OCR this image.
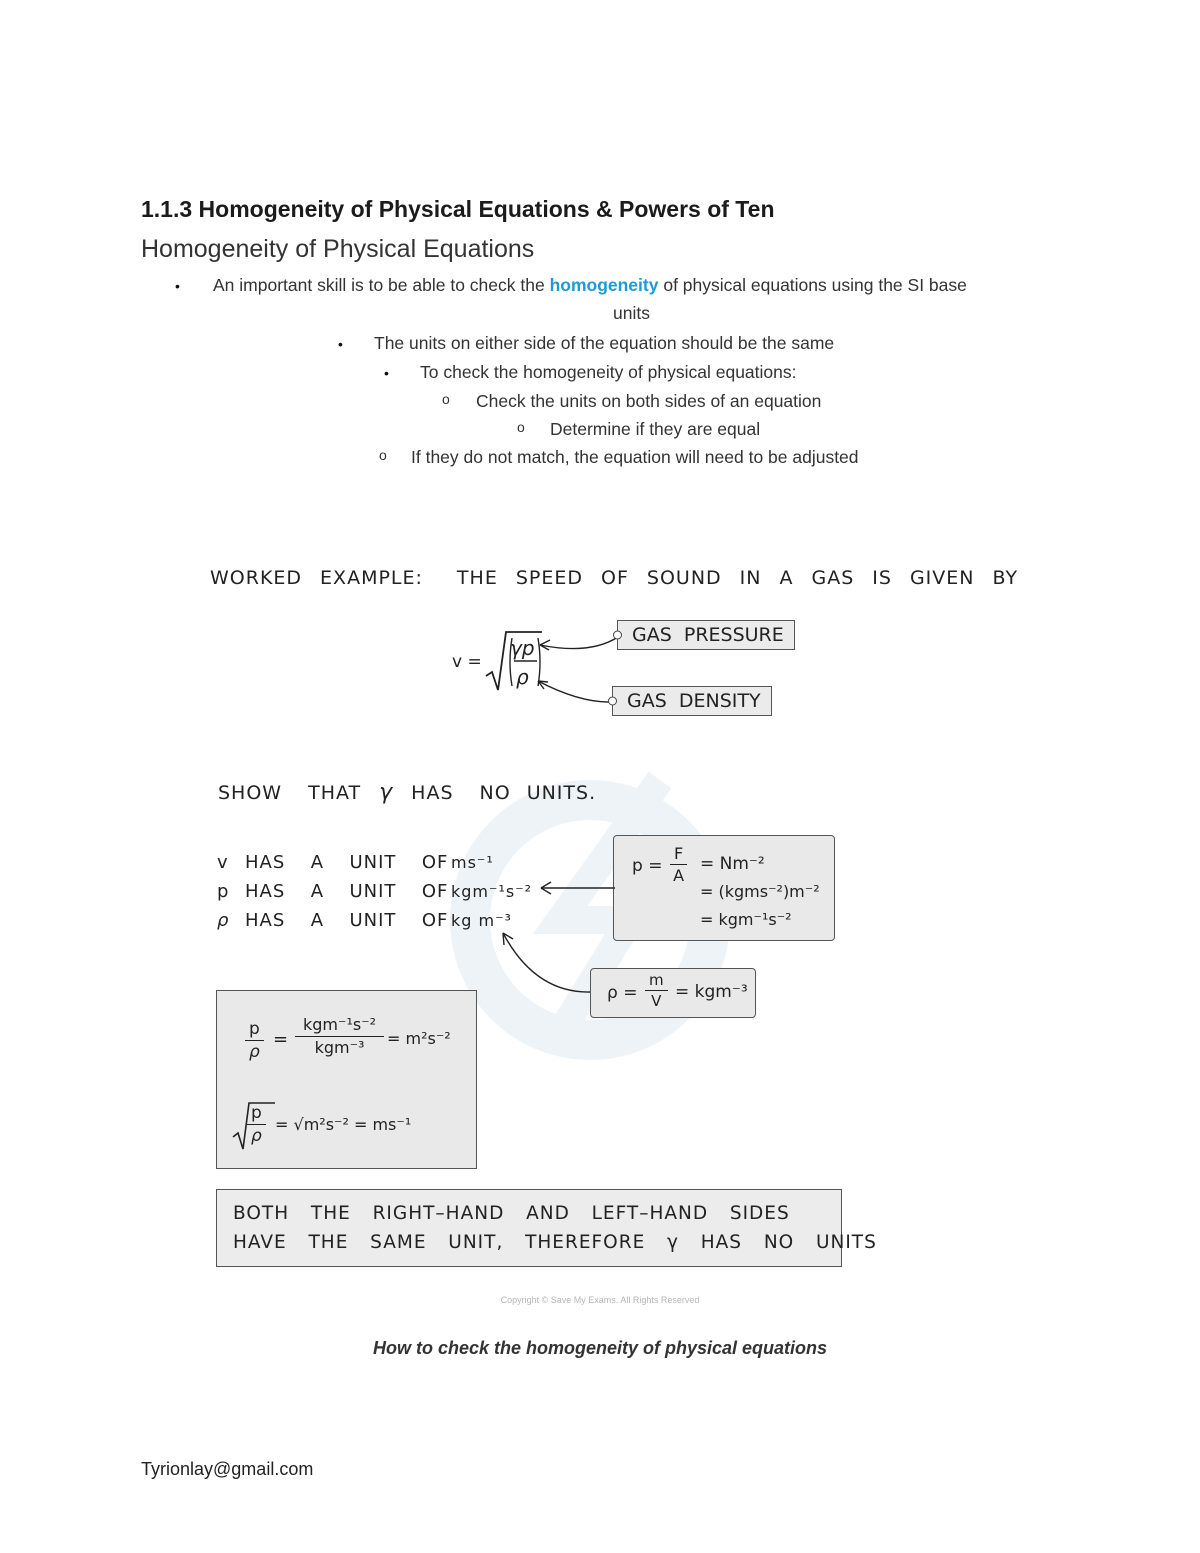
1.1.3 Homogeneity of Physical Equations & Powers of Ten
Homogeneity of Physical Equations
• An important skill is to be able to check the homogeneity of physical equations using the SI base
units
• The units on either side of the equation should be the same
• To check the homogeneity of physical equations:
o Check the units on both sides of an equation
o Determine if they are equal
o If they do not match, the equation will need to be adjusted
WORKED EXAMPLE: THE SPEED OF SOUND IN A GAS IS GIVEN BY
v =
γp
ρ
GAS  PRESSURE
GAS  DENSITY
SHOW THAT γ HAS NO UNITS.
v HAS  A  UNIT  OF ms⁻¹
p HAS  A  UNIT  OF kgm⁻¹s⁻²
ρ HAS  A  UNIT  OF kg m⁻³
$p = \frac{F}{A} = Nm^{-2}$
= (kgms⁻²)m⁻²
= kgm⁻¹s⁻²
$\rho = \frac{m}{V} = kgm^{-3}$
$\frac{p}{\rho}$ =
kgm⁻¹s⁻²
kgm⁻³	= m²s⁻²
$\frac{p}{\rho} = √m^2s^{-2} = ms^{-1}$
BOTH  THE  RIGHT–HAND  AND  LEFT–HAND  SIDES
HAVE  THE  SAME  UNIT,  THEREFORE  γ  HAS  NO  UNITS
Copyright © Save My Exams. All Rights Reserved
How to check the homogeneity of physical equations
Tyrionlay@gmail.com
